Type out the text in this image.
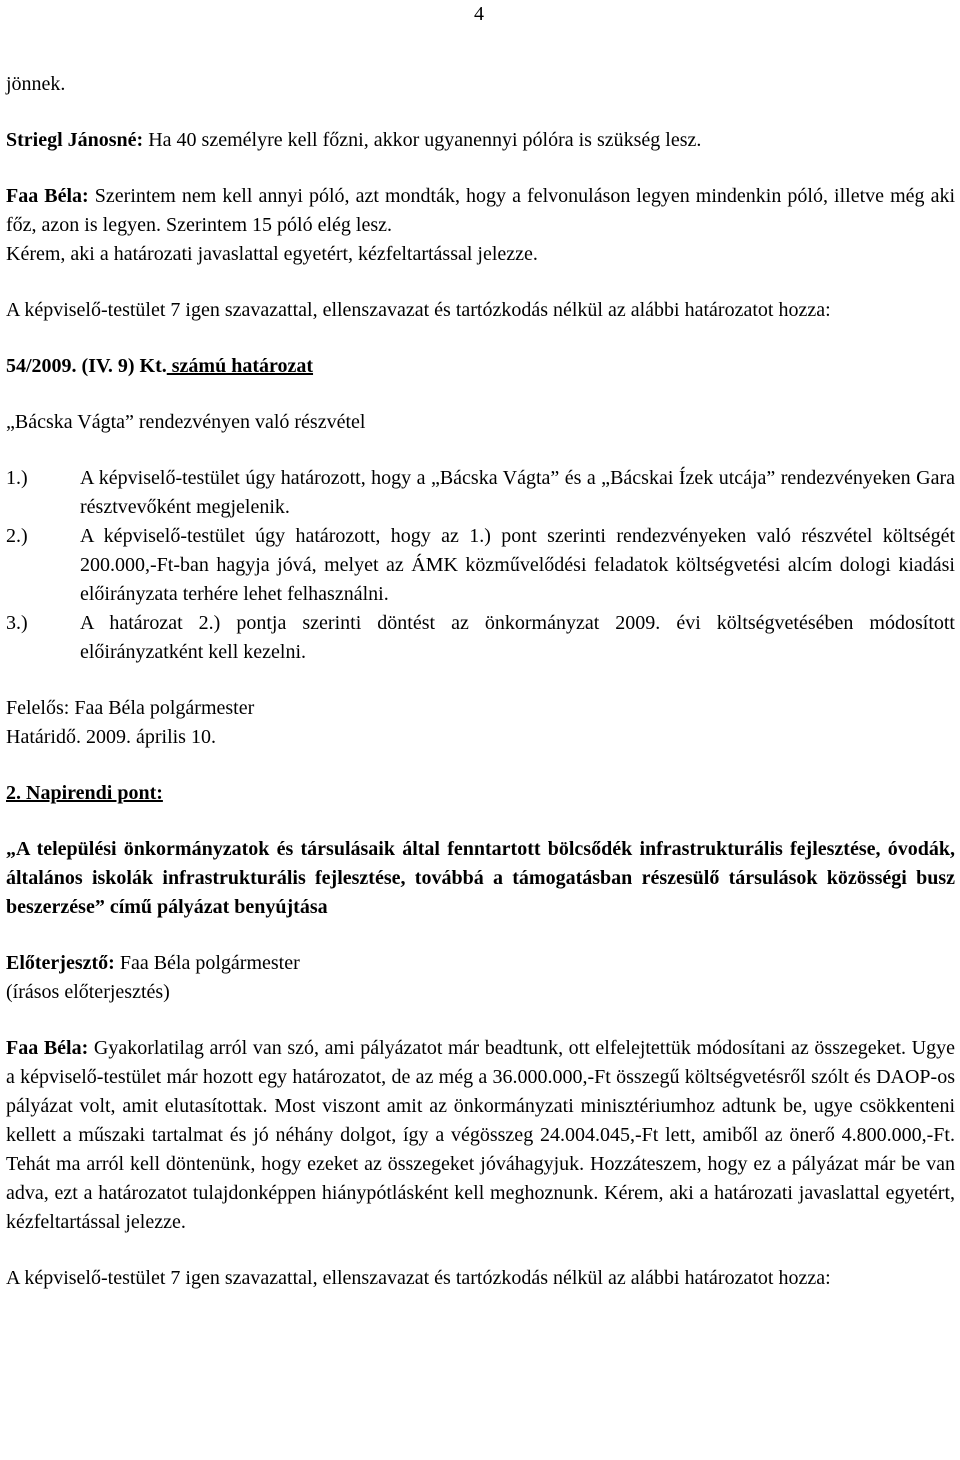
4

jönnek.

Striegl Jánosné: Ha 40 személyre kell főzni, akkor ugyanennyi pólóra is szükség lesz.

Faa Béla: Szerintem nem kell annyi póló, azt mondták, hogy a felvonuláson legyen mindenkin póló, illetve még aki főz, azon is legyen. Szerintem 15 póló elég lesz.

Kérem, aki a határozati javaslattal egyetért, kézfeltartással jelezze.

A képviselő-testület 7 igen szavazattal, ellenszavazat és tartózkodás nélkül az alábbi határozatot hozza:

54/2009. (IV. 9) Kt. számú határozat

„Bácska Vágta” rendezvényen való részvétel

1.)	A képviselő-testület úgy határozott, hogy a „Bácska Vágta” és a „Bácskai Ízek utcája” rendezvényeken Gara résztvevőként megjelenik.
2.)	A képviselő-testület úgy határozott, hogy az 1.) pont szerinti rendezvényeken való részvétel költségét 200.000,-Ft-ban hagyja jóvá, melyet az ÁMK közművelődési feladatok költségvetési alcím dologi kiadási előirányzata terhére lehet felhasználni.
3.)	A határozat 2.) pontja szerinti döntést az önkormányzat 2009. évi költségvetésében módosított előirányzatként kell kezelni.

Felelős: Faa Béla polgármester

Határidő. 2009. április 10.

2. Napirendi pont:

„A települési önkormányzatok és társulásaik által fenntartott bölcsődék infrastrukturális fejlesztése, óvodák, általános iskolák infrastrukturális fejlesztése, továbbá a támogatásban részesülő társulások közösségi busz beszerzése” című pályázat benyújtása

Előterjesztő: Faa Béla polgármester

(írásos előterjesztés)

Faa Béla: Gyakorlatilag arról van szó, ami pályázatot már beadtunk, ott elfelejtettük módosítani az összegeket. Ugye a képviselő-testület már hozott egy határozatot, de az még a 36.000.000,-Ft összegű költségvetésről szólt és DAOP-os pályázat volt, amit elutasítottak. Most viszont amit az önkormányzati minisztériumhoz adtunk be, ugye csökkenteni kellett a műszaki tartalmat és jó néhány dolgot, így a végösszeg 24.004.045,-Ft lett, amiből az önerő 4.800.000,-Ft. Tehát ma arról kell döntenünk, hogy ezeket az összegeket jóváhagyjuk. Hozzáteszem, hogy ez a pályázat már be van adva, ezt a határozatot tulajdonképpen hiánypótlásként kell meghoznunk. Kérem, aki a határozati javaslattal egyetért, kézfeltartással jelezze.

A képviselő-testület 7 igen szavazattal, ellenszavazat és tartózkodás nélkül az alábbi határozatot hozza:
